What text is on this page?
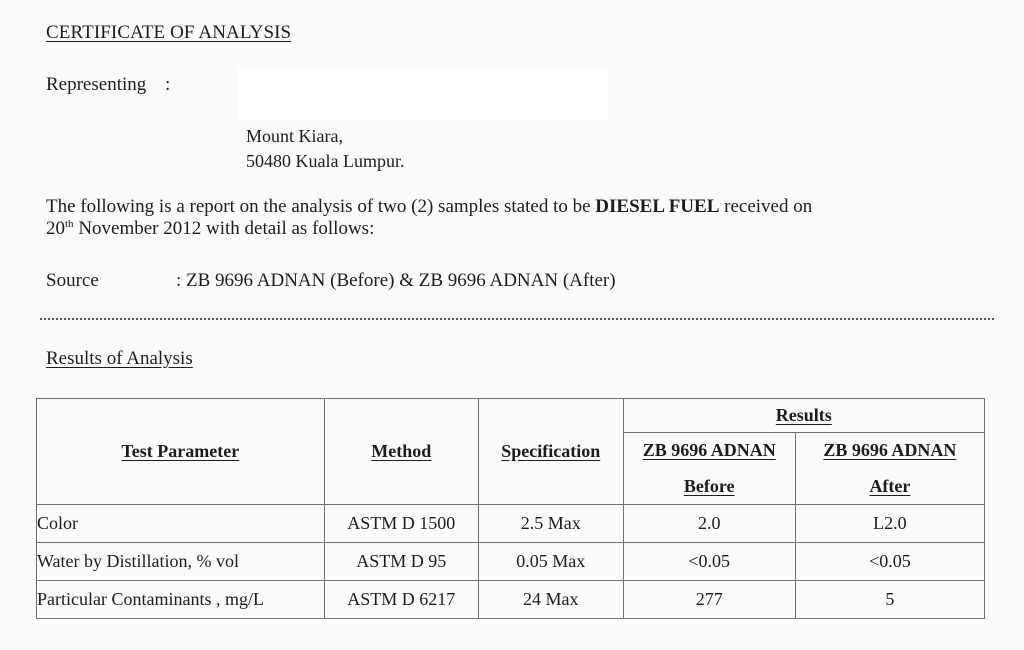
CERTIFICATE OF ANALYSIS
Representing :
Mount Kiara,
50480 Kuala Lumpur.
The following is a report on the analysis of two (2) samples stated to be DIESEL FUEL received on
20th November 2012 with detail as follows:
Source	: ZB 9696 ADNAN (Before) & ZB 9696 ADNAN (After)
Results of Analysis
Test Parameter	Method	Specification	Results	
			ZB 9696 ADNAN	ZB 9696 ADNAN
			Before	After
Color	ASTM D 1500	2.5 Max	2.0	L2.0
Water by Distillation, % vol	ASTM D 95	0.05 Max	<0.05	<0.05
Particular Contaminants , mg/L	ASTM D 6217	24 Max	277	5
